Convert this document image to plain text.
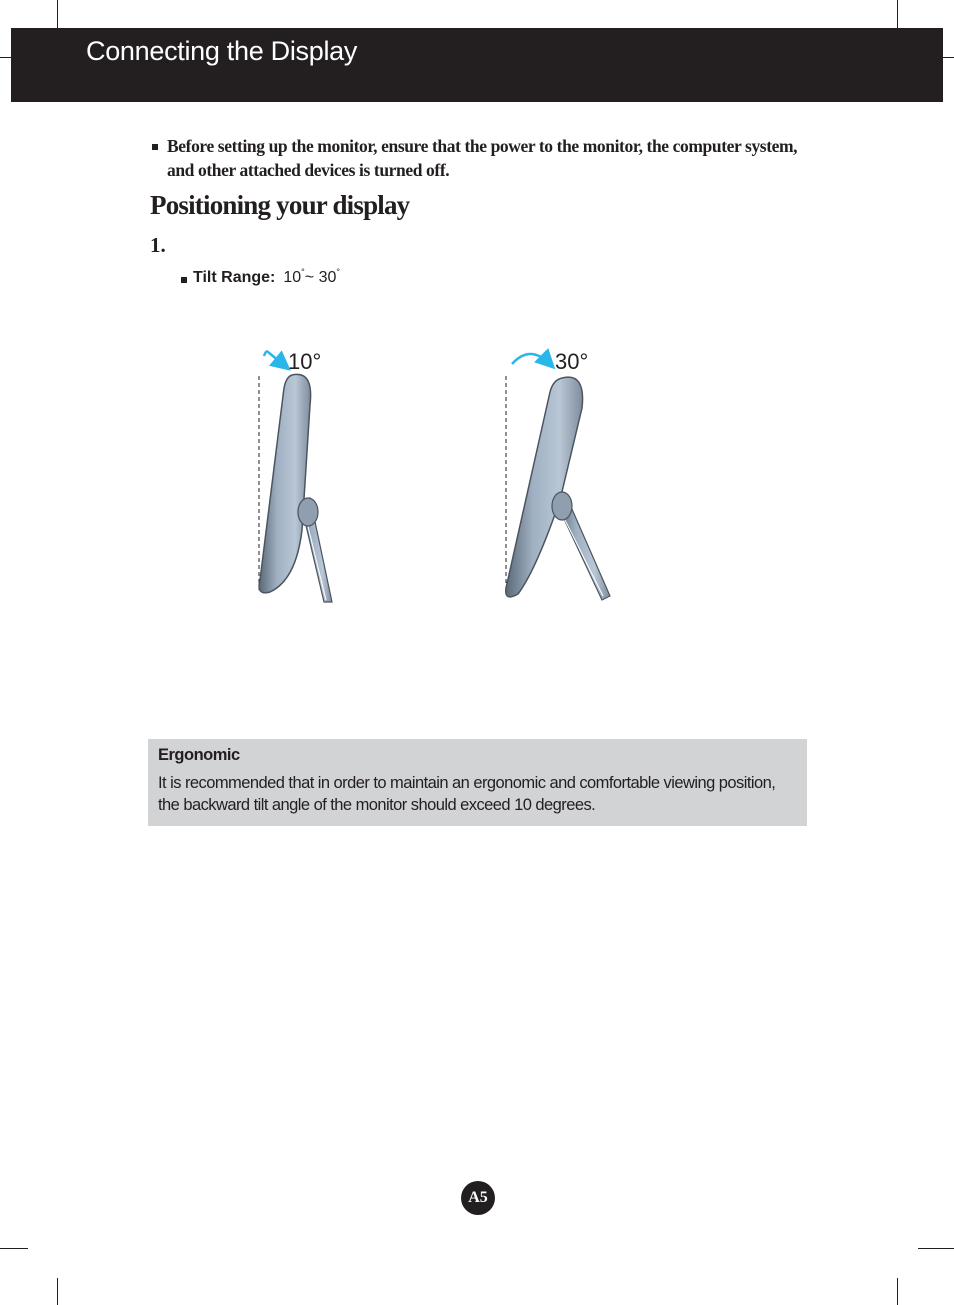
Connecting the Display

Before setting up the monitor, ensure that the power to the monitor, the computer system, and other attached devices is turned off.

Positioning your display
1.
Tilt Range: 10°~ 30°
10°	30°
Ergonomic

It is recommended that in order to maintain an ergonomic and comfortable viewing position, the backward tilt angle of the monitor should exceed 10 degrees.

A5
